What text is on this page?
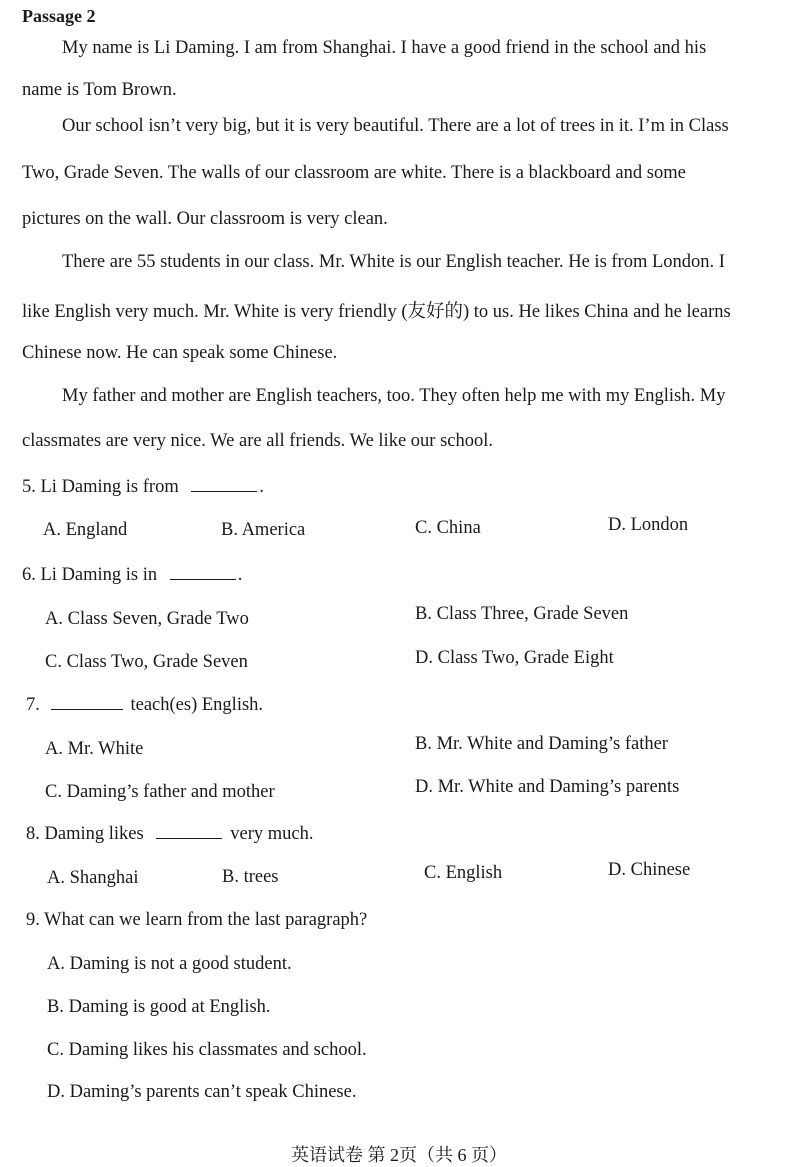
Passage 2
My name is Li Daming. I am from Shanghai. I have a good friend in the school and his
name is Tom Brown.
Our school isn’t very big, but it is very beautiful. There are a lot of trees in it. I’m in Class
Two, Grade Seven. The walls of our classroom are white. There is a blackboard and some
pictures on the wall. Our classroom is very clean.
There are 55 students in our class. Mr. White is our English teacher. He is from London. I
like English very much. Mr. White is very friendly (友好的) to us. He likes China and he learns
Chinese now. He can speak some Chinese.
My father and mother are English teachers, too. They often help me with my English. My
classmates are very nice. We are all friends. We like our school.
5. Li Daming is from	.
A. England	B. America	C. China	D. London
6. Li Daming is in	.
A. Class Seven, Grade Two	B. Class Three, Grade Seven
C. Class Two, Grade Seven	D. Class Two, Grade Eight
7.	teach(es) English.
A. Mr. White	B. Mr. White and Daming’s father
C. Daming’s father and mother	D. Mr. White and Daming’s parents
8. Daming likes	very much.
A. Shanghai	B. trees	C. English	D. Chinese
9. What can we learn from the last paragraph?
A. Daming is not a good student.
B. Daming is good at English.
C. Daming likes his classmates and school.
D. Daming’s parents can’t speak Chinese.
英语试卷 第 2页（共 6 页）
